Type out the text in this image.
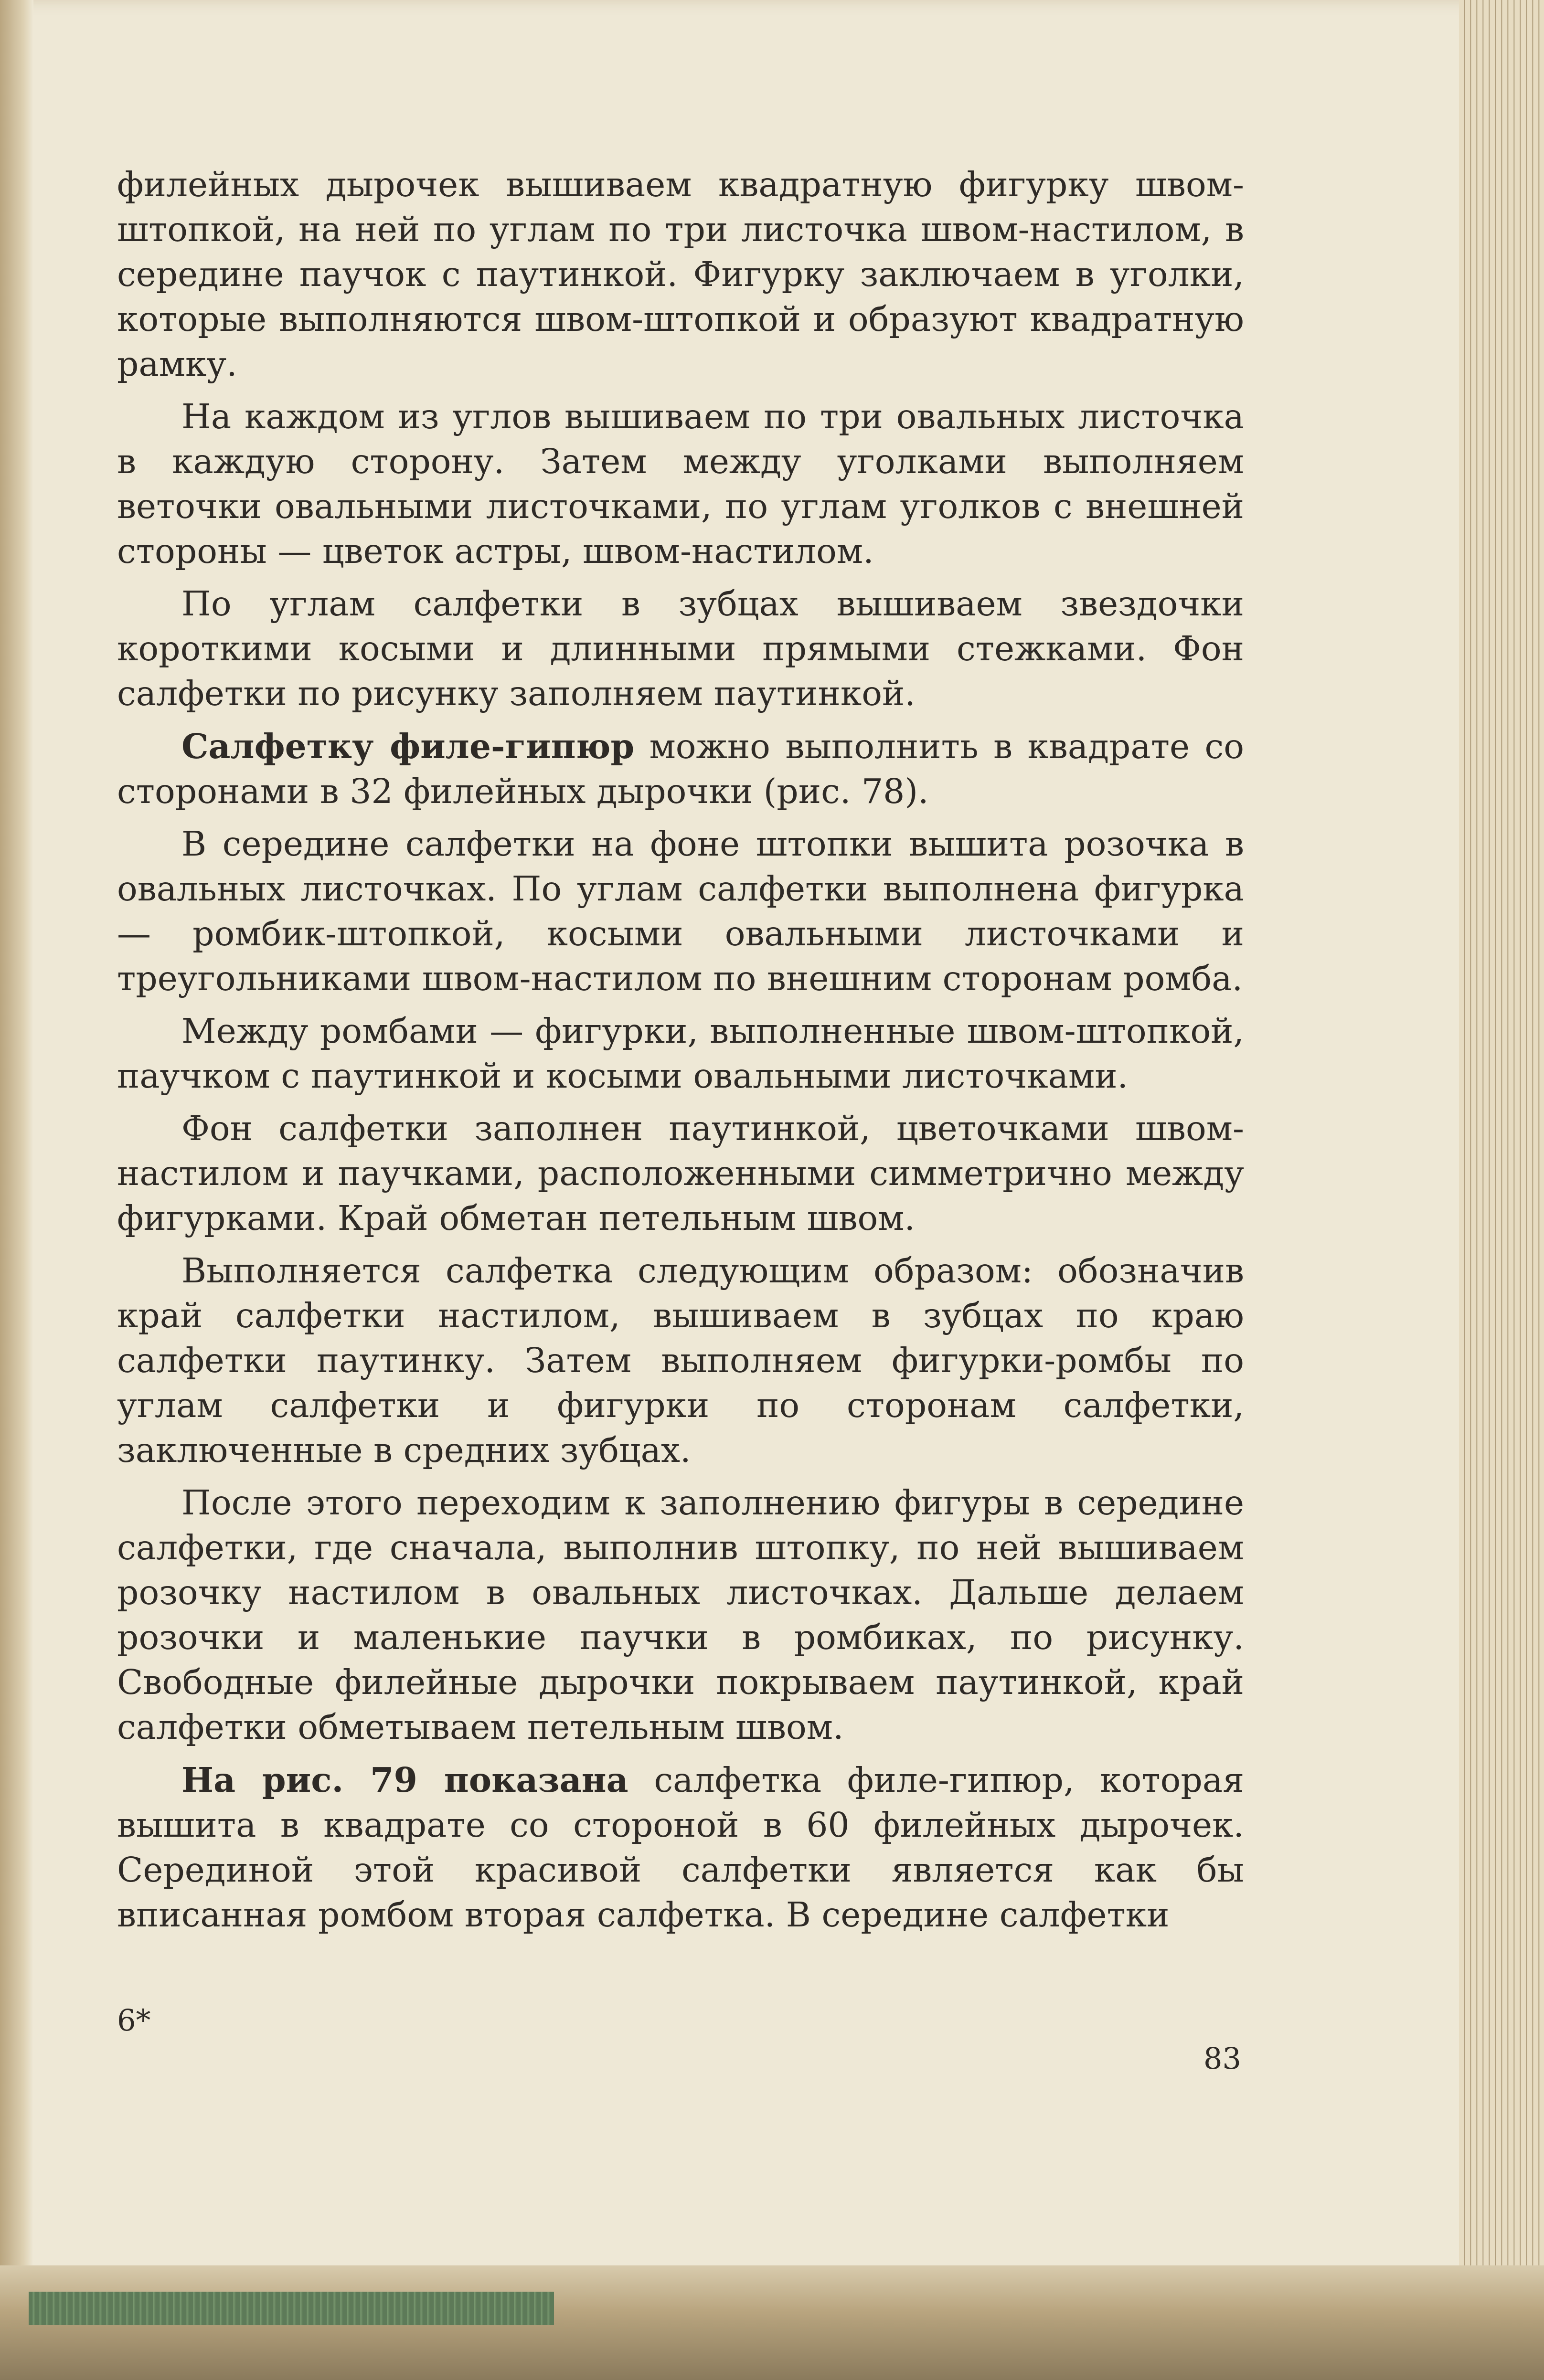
филейных дырочек вышиваем квадратную фигурку швом-штопкой, на ней по углам по три листочка швом-настилом, в середине паучок с паутинкой. Фигурку заключаем в уголки, которые выполняются швом-штопкой и образуют квадратную рамку.

На каждом из углов вышиваем по три овальных листочка в каждую сторону. Затем между уголками выполняем веточки овальными листочками, по углам уголков с внешней стороны — цветок астры, швом-настилом.

По углам салфетки в зубцах вышиваем звездочки короткими косыми и длинными прямыми стежками. Фон салфетки по рисунку заполняем паутинкой.

Салфетку филе-гипюр можно выполнить в квадрате со сторонами в 32 филейных дырочки (рис. 78).

В середине салфетки на фоне штопки вышита розочка в овальных листочках. По углам салфетки выполнена фигурка — ромбик-штопкой, косыми овальными листочками и треугольниками швом-настилом по внешним сторонам ромба.

Между ромбами — фигурки, выполненные швом-штопкой, паучком с паутинкой и косыми овальными листочками.

Фон салфетки заполнен паутинкой, цветочками швом-настилом и паучками, расположенными симметрично между фигурками. Край обметан петельным швом.

Выполняется салфетка следующим образом: обозначив край салфетки настилом, вышиваем в зубцах по краю салфетки паутинку. Затем выполняем фигурки-ромбы по углам салфетки и фигурки по сторонам салфетки, заключенные в средних зубцах.

После этого переходим к заполнению фигуры в середине салфетки, где сначала, выполнив штопку, по ней вышиваем розочку настилом в овальных листочках. Дальше делаем розочки и маленькие паучки в ромбиках, по рисунку. Свободные филейные дырочки покрываем паутинкой, край салфетки обметываем петельным швом.

На рис. 79 показана салфетка филе-гипюр, которая вышита в квадрате со стороной в 60 филейных дырочек. Серединой этой красивой салфетки является как бы вписанная ромбом вторая салфетка. В середине салфетки

6*
83
